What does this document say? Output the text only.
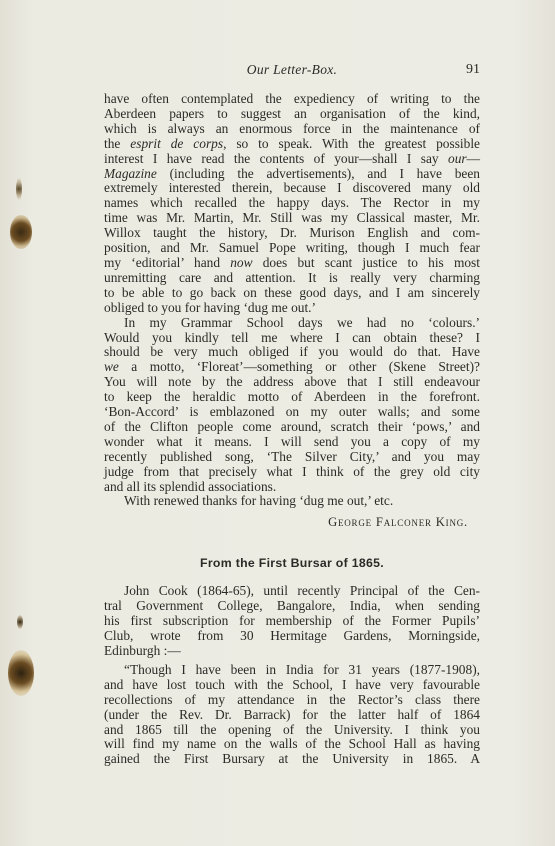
Our Letter-Box.	91

have often contemplated the expediency of writing to the
Aberdeen papers to suggest an organisation of the kind,
which is always an enormous force in the maintenance of
the esprit de corps, so to speak. With the greatest possible
interest I have read the contents of your—shall I say our—
Magazine (including the advertisements), and I have been
extremely interested therein, because I discovered many old
names which recalled the happy days. The Rector in my
time was Mr. Martin, Mr. Still was my Classical master, Mr.
Willox taught the history, Dr. Murison English and com-
position, and Mr. Samuel Pope writing, though I much fear
my ‘editorial’ hand now does but scant justice to his most
unremitting care and attention. It is really very charming
to be able to go back on these good days, and I am sincerely
obliged to you for having ‘dug me out.’

In my Grammar School days we had no ‘colours.’
Would you kindly tell me where I can obtain these? I
should be very much obliged if you would do that. Have
we a motto, ‘Floreat’—something or other (Skene Street)?
You will note by the address above that I still endeavour
to keep the heraldic motto of Aberdeen in the forefront.
‘Bon-Accord’ is emblazoned on my outer walls; and some
of the Clifton people come around, scratch their ‘pows,’ and
wonder what it means. I will send you a copy of my
recently published song, ‘The Silver City,’ and you may
judge from that precisely what I think of the grey old city
and all its splendid associations.

With renewed thanks for having ‘dug me out,’ etc.

George Falconer King.

From the First Bursar of 1865.

John Cook (1864-65), until recently Principal of the Cen-
tral Government College, Bangalore, India, when sending
his first subscription for membership of the Former Pupils’
Club, wrote from 30 Hermitage Gardens, Morningside,
Edinburgh :—

“Though I have been in India for 31 years (1877-1908),
and have lost touch with the School, I have very favourable
recollections of my attendance in the Rector’s class there
(under the Rev. Dr. Barrack) for the latter half of 1864
and 1865 till the opening of the University. I think you
will find my name on the walls of the School Hall as having
gained the First Bursary at the University in 1865. A
